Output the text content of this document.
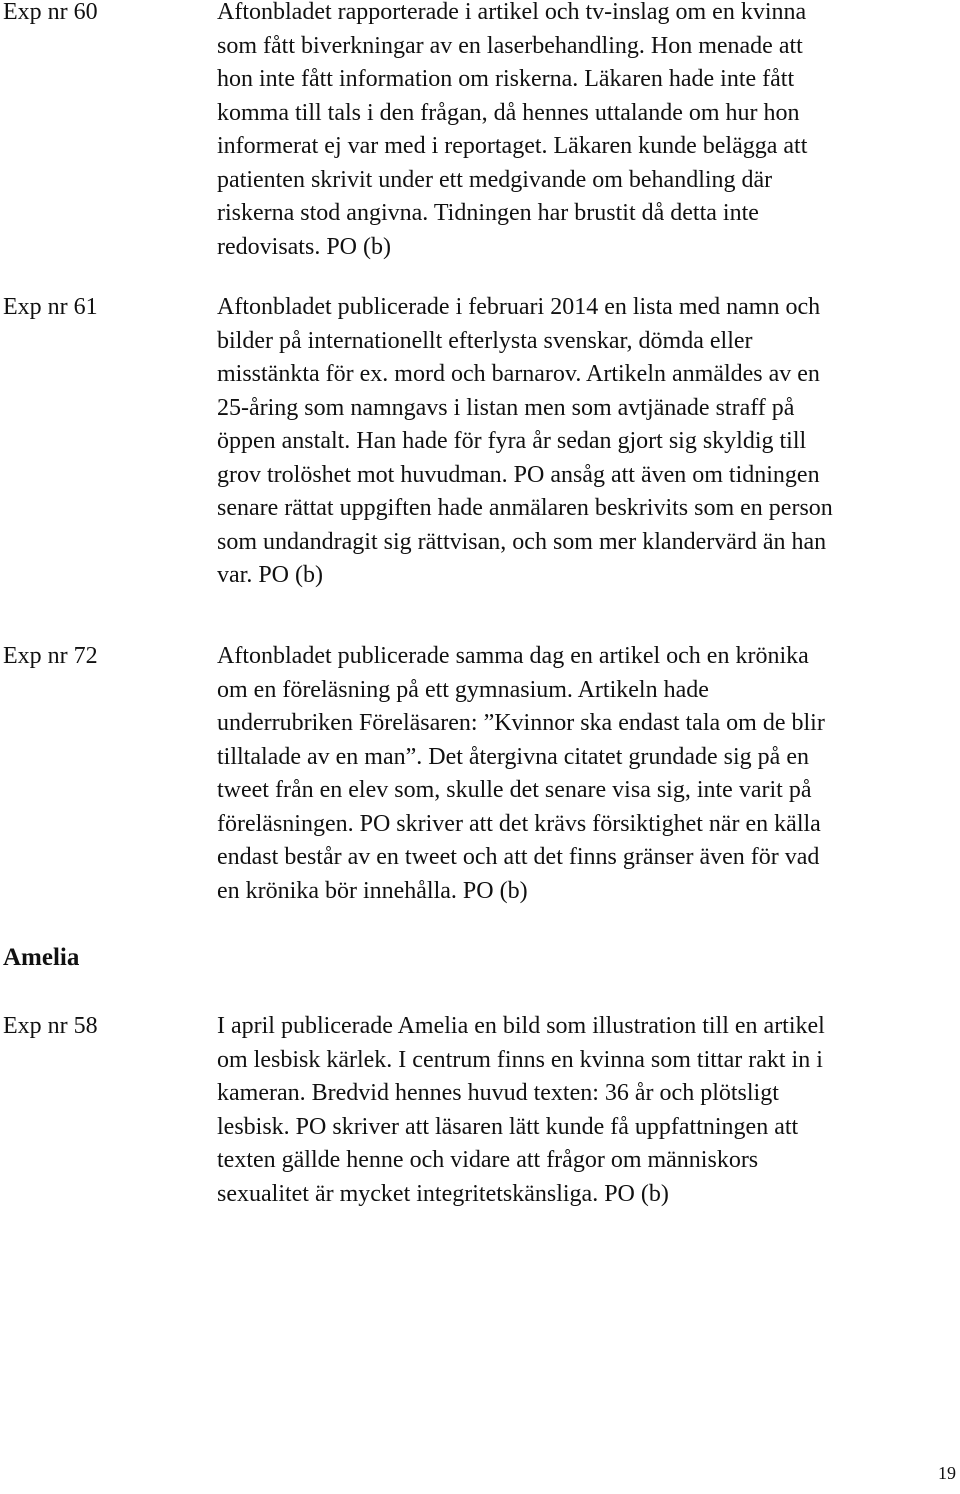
Exp nr 60	Aftonbladet rapporterade i artikel och tv-inslag om en kvinna
som fått biverkningar av en laserbehandling. Hon menade att
hon inte fått information om riskerna. Läkaren hade inte fått
komma till tals i den frågan, då hennes uttalande om hur hon
informerat ej var med i reportaget. Läkaren kunde belägga att
patienten skrivit under ett medgivande om behandling där
riskerna stod angivna. Tidningen har brustit då detta inte
redovisats. PO (b)
Exp nr 61	Aftonbladet publicerade i februari 2014 en lista med namn och
bilder på internationellt efterlysta svenskar, dömda eller
misstänkta för ex. mord och barnarov. Artikeln anmäldes av en
25-åring som namngavs i listan men som avtjänade straff på
öppen anstalt. Han hade för fyra år sedan gjort sig skyldig till
grov trolöshet mot huvudman. PO ansåg att även om tidningen
senare rättat uppgiften hade anmälaren beskrivits som en person
som undandragit sig rättvisan, och som mer klandervärd än han
var. PO (b)
Exp nr 72	Aftonbladet publicerade samma dag en artikel och en krönika
om en föreläsning på ett gymnasium. Artikeln hade
underrubriken Föreläsaren: ”Kvinnor ska endast tala om de blir
tilltalade av en man”. Det återgivna citatet grundade sig på en
tweet från en elev som, skulle det senare visa sig, inte varit på
föreläsningen. PO skriver att det krävs försiktighet när en källa
endast består av en tweet och att det finns gränser även för vad
en krönika bör innehålla. PO (b)
Amelia
Exp nr 58	I april publicerade Amelia en bild som illustration till en artikel
om lesbisk kärlek. I centrum finns en kvinna som tittar rakt in i
kameran. Bredvid hennes huvud texten: 36 år och plötsligt
lesbisk. PO skriver att läsaren lätt kunde få uppfattningen att
texten gällde henne och vidare att frågor om människors
sexualitet är mycket integritetskänsliga. PO (b)
19
